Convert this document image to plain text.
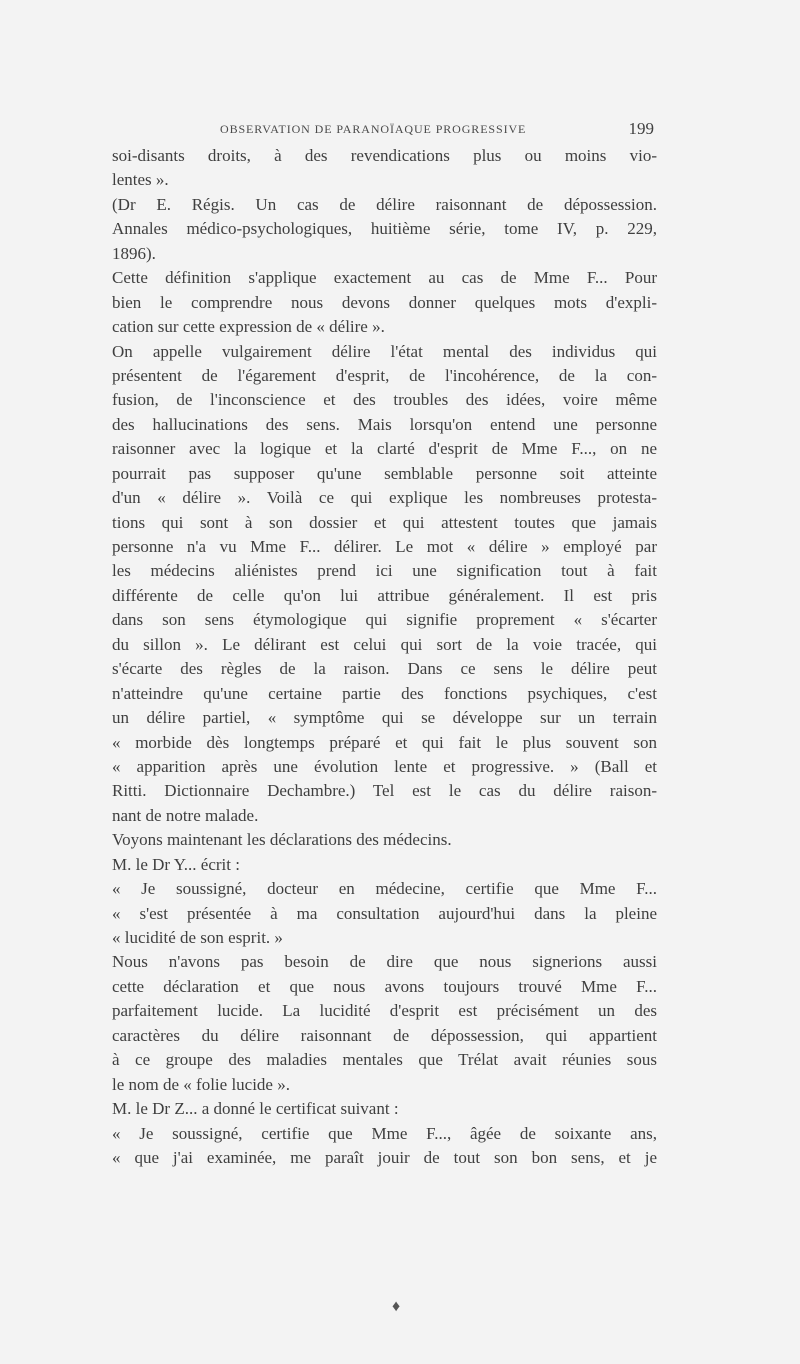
OBSERVATION DE PARANOÏAQUE PROGRESSIVE	199
soi-disants droits, à des revendications plus ou moins vio-
lentes ».
(Dr E. Régis. Un cas de délire raisonnant de dépossession.
Annales médico-psychologiques, huitième série, tome IV, p. 229,
1896).
Cette définition s'applique exactement au cas de Mme F... Pour
bien le comprendre nous devons donner quelques mots d'expli-
cation sur cette expression de « délire ».
On appelle vulgairement délire l'état mental des individus qui
présentent de l'égarement d'esprit, de l'incohérence, de la con-
fusion, de l'inconscience et des troubles des idées, voire même
des hallucinations des sens. Mais lorsqu'on entend une personne
raisonner avec la logique et la clarté d'esprit de Mme F..., on ne
pourrait pas supposer qu'une semblable personne soit atteinte
d'un « délire ». Voilà ce qui explique les nombreuses protesta-
tions qui sont à son dossier et qui attestent toutes que jamais
personne n'a vu Mme F... délirer. Le mot « délire » employé par
les médecins aliénistes prend ici une signification tout à fait
différente de celle qu'on lui attribue généralement. Il est pris
dans son sens étymologique qui signifie proprement « s'écarter
du sillon ». Le délirant est celui qui sort de la voie tracée, qui
s'écarte des règles de la raison. Dans ce sens le délire peut
n'atteindre qu'une certaine partie des fonctions psychiques, c'est
un délire partiel, « symptôme qui se développe sur un terrain
« morbide dès longtemps préparé et qui fait le plus souvent son
« apparition après une évolution lente et progressive. » (Ball et
Ritti. Dictionnaire Dechambre.) Tel est le cas du délire raison-
nant de notre malade.
Voyons maintenant les déclarations des médecins.
M. le Dr Y... écrit :
« Je soussigné, docteur en médecine, certifie que Mme F...
« s'est présentée à ma consultation aujourd'hui dans la pleine
« lucidité de son esprit. »
Nous n'avons pas besoin de dire que nous signerions aussi
cette déclaration et que nous avons toujours trouvé Mme F...
parfaitement lucide. La lucidité d'esprit est précisément un des
caractères du délire raisonnant de dépossession, qui appartient
à ce groupe des maladies mentales que Trélat avait réunies sous
le nom de « folie lucide ».
M. le Dr Z... a donné le certificat suivant :
« Je soussigné, certifie que Mme F..., âgée de soixante ans,
« que j'ai examinée, me paraît jouir de tout son bon sens, et je
♦
